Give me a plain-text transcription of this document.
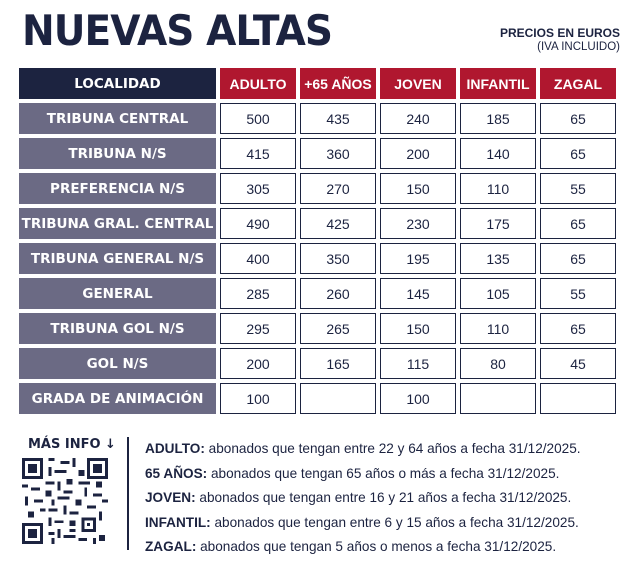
NUEVAS ALTAS	PRECIOS EN EUROS
(IVA INCLUIDO)
LOCALIDAD		ADULTO		+65 AÑOS		JOVEN		INFANTIL		ZAGAL

TRIBUNA CENTRAL		500		435		240		185		65

TRIBUNA N/S		415		360		200		140		65

PREFERENCIA N/S		305		270		150		110		55

TRIBUNA GRAL. CENTRAL		490		425		230		175		65

TRIBUNA GENERAL N/S		400		350		195		135		65

GENERAL		285		260		145		105		55

TRIBUNA GOL N/S		295		265		150		110		65

GOL N/S		200		165		115		80		45

GRADA DE ANIMACIÓN		100				100				
MÁS INFO ↓ ADULTO: abonados que tengan entre 22 y 64 años a fecha 31/12/2025.
65 AÑOS: abonados que tengan 65 años o más a fecha 31/12/2025.
JOVEN: abonados que tengan entre 16 y 21 años a fecha 31/12/2025.
INFANTIL: abonados que tengan entre 6 y 15 años a fecha 31/12/2025.
ZAGAL: abonados que tengan 5 años o menos a fecha 31/12/2025.
